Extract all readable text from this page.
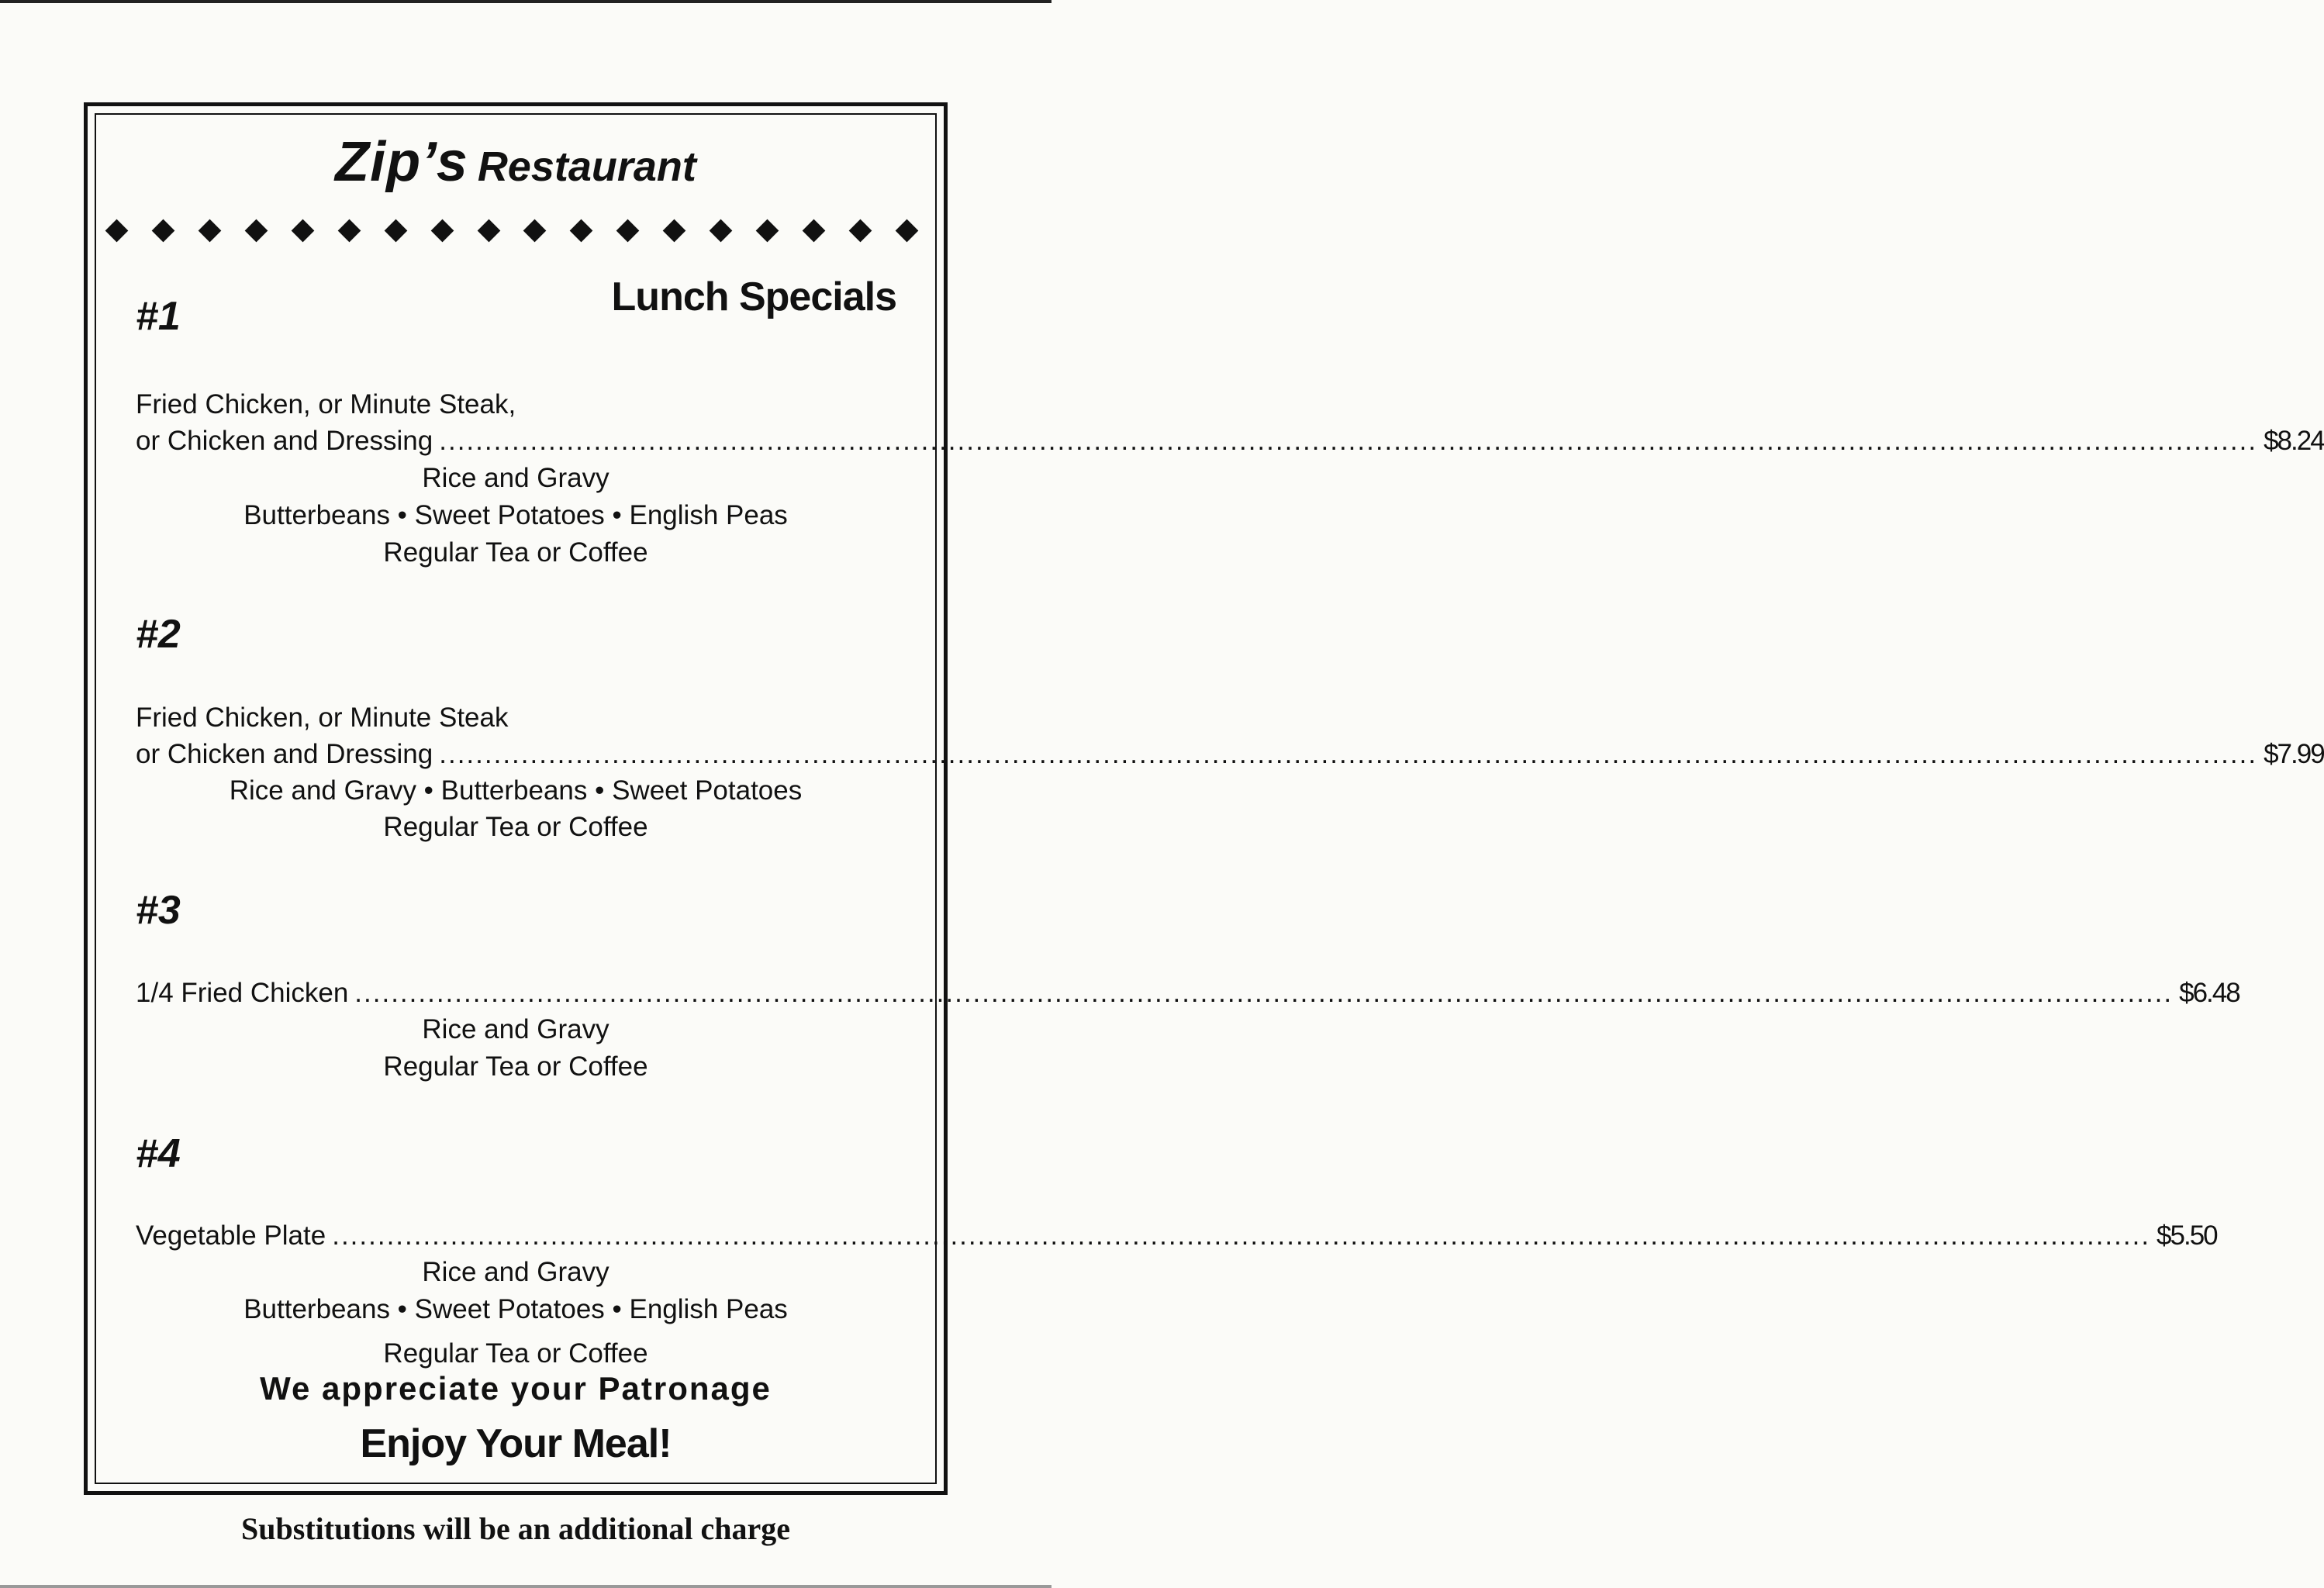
Zip’s Restaurant
Lunch Specials
#1
Fried Chicken, or Minute Steak,
or Chicken and Dressing ........................................................................................................................................................................................................ $8.24
Rice and Gravy
Butterbeans • Sweet Potatoes • English Peas
Regular Tea or Coffee
#2
Fried Chicken, or Minute Steak
or Chicken and Dressing ........................................................................................................................................................................................................ $7.99
Rice and Gravy • Butterbeans • Sweet Potatoes
Regular Tea or Coffee
#3
1/4 Fried Chicken ........................................................................................................................................................................................................ $6.48
Rice and Gravy
Regular Tea or Coffee
#4
Vegetable Plate ........................................................................................................................................................................................................ $5.50
Rice and Gravy
Butterbeans • Sweet Potatoes • English Peas
Regular Tea or Coffee
We appreciate your Patronage
Enjoy Your Meal!
Substitutions will be an additional charge
